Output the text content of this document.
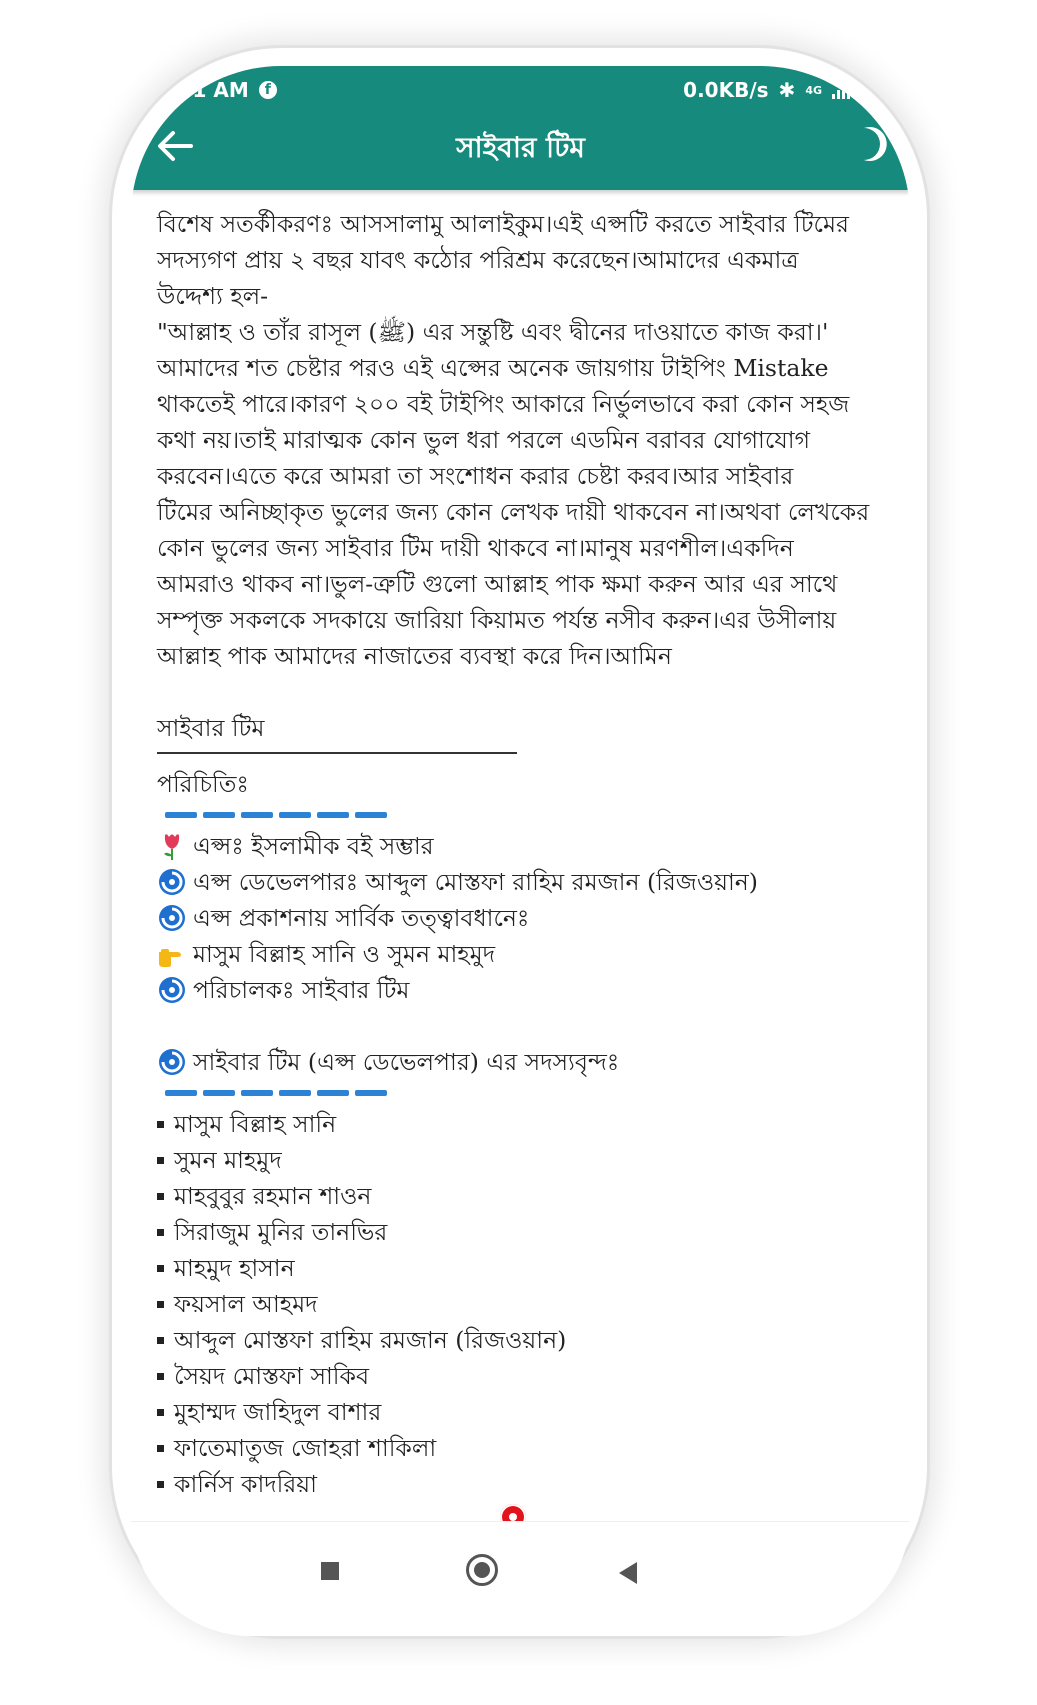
.01 AM	f	0.0KB/s ✱ 4G
সাইবার টিম

বিশেষ সতর্কীকরণঃ আসসালামু আলাইকুম।এই এপ্সটি করতে সাইবার টিমের

সদস্যগণ প্রায় ২ বছর যাবৎ কঠোর পরিশ্রম করেছেন।আমাদের একমাত্র

উদ্দেশ্য হল-

"আল্লাহ ও তাঁর রাসূল (ﷺ) এর সন্তুষ্টি এবং দ্বীনের দাওয়াতে কাজ করা।'

আমাদের শত চেষ্টার পরও এই এপ্সের অনেক জায়গায় টাইপিং Mistake

থাকতেই পারে।কারণ ২০০ বই টাইপিং আকারে নির্ভুলভাবে করা কোন সহজ

কথা নয়।তাই মারাত্মক কোন ভুল ধরা পরলে এডমিন বরাবর যোগাযোগ

করবেন।এতে করে আমরা তা সংশোধন করার চেষ্টা করব।আর সাইবার

টিমের অনিচ্ছাকৃত ভুলের জন্য কোন লেখক দায়ী থাকবেন না।অথবা লেখকের

কোন ভুলের জন্য সাইবার টিম দায়ী থাকবে না।মানুষ মরণশীল।একদিন

আমরাও থাকব না।ভুল-ত্রুটি গুলো আল্লাহ পাক ক্ষমা করুন আর এর সাথে

সম্পৃক্ত সকলকে সদকায়ে জারিয়া কিয়ামত পর্যন্ত নসীব করুন।এর উসীলায়

আল্লাহ পাক আমাদের নাজাতের ব্যবস্থা করে দিন।আমিন

সাইবার টিম

পরিচিতিঃ

এপ্সঃ ইসলামীক বই সম্ভার
এপ্স ডেভেলপারঃ আব্দুল মোস্তফা রাহিম রমজান (রিজওয়ান)
এপ্স প্রকাশনায় সার্বিক তত্ত্বাবধানেঃ
মাসুম বিল্লাহ সানি ও সুমন মাহমুদ
পরিচালকঃ সাইবার টিম
সাইবার টিম (এপ্স ডেভেলপার) এর সদস্যবৃন্দঃ
মাসুম বিল্লাহ সানি
সুমন মাহমুদ
মাহবুবুর রহমান শাওন
সিরাজুম মুনির তানভির
মাহমুদ হাসান
ফয়সাল আহমদ
আব্দুল মোস্তফা রাহিম রমজান (রিজওয়ান)
সৈয়দ মোস্তফা সাকিব
মুহাম্মদ জাহিদুল বাশার
ফাতেমাতুজ জোহরা শাকিলা
কার্নিস কাদরিয়া
